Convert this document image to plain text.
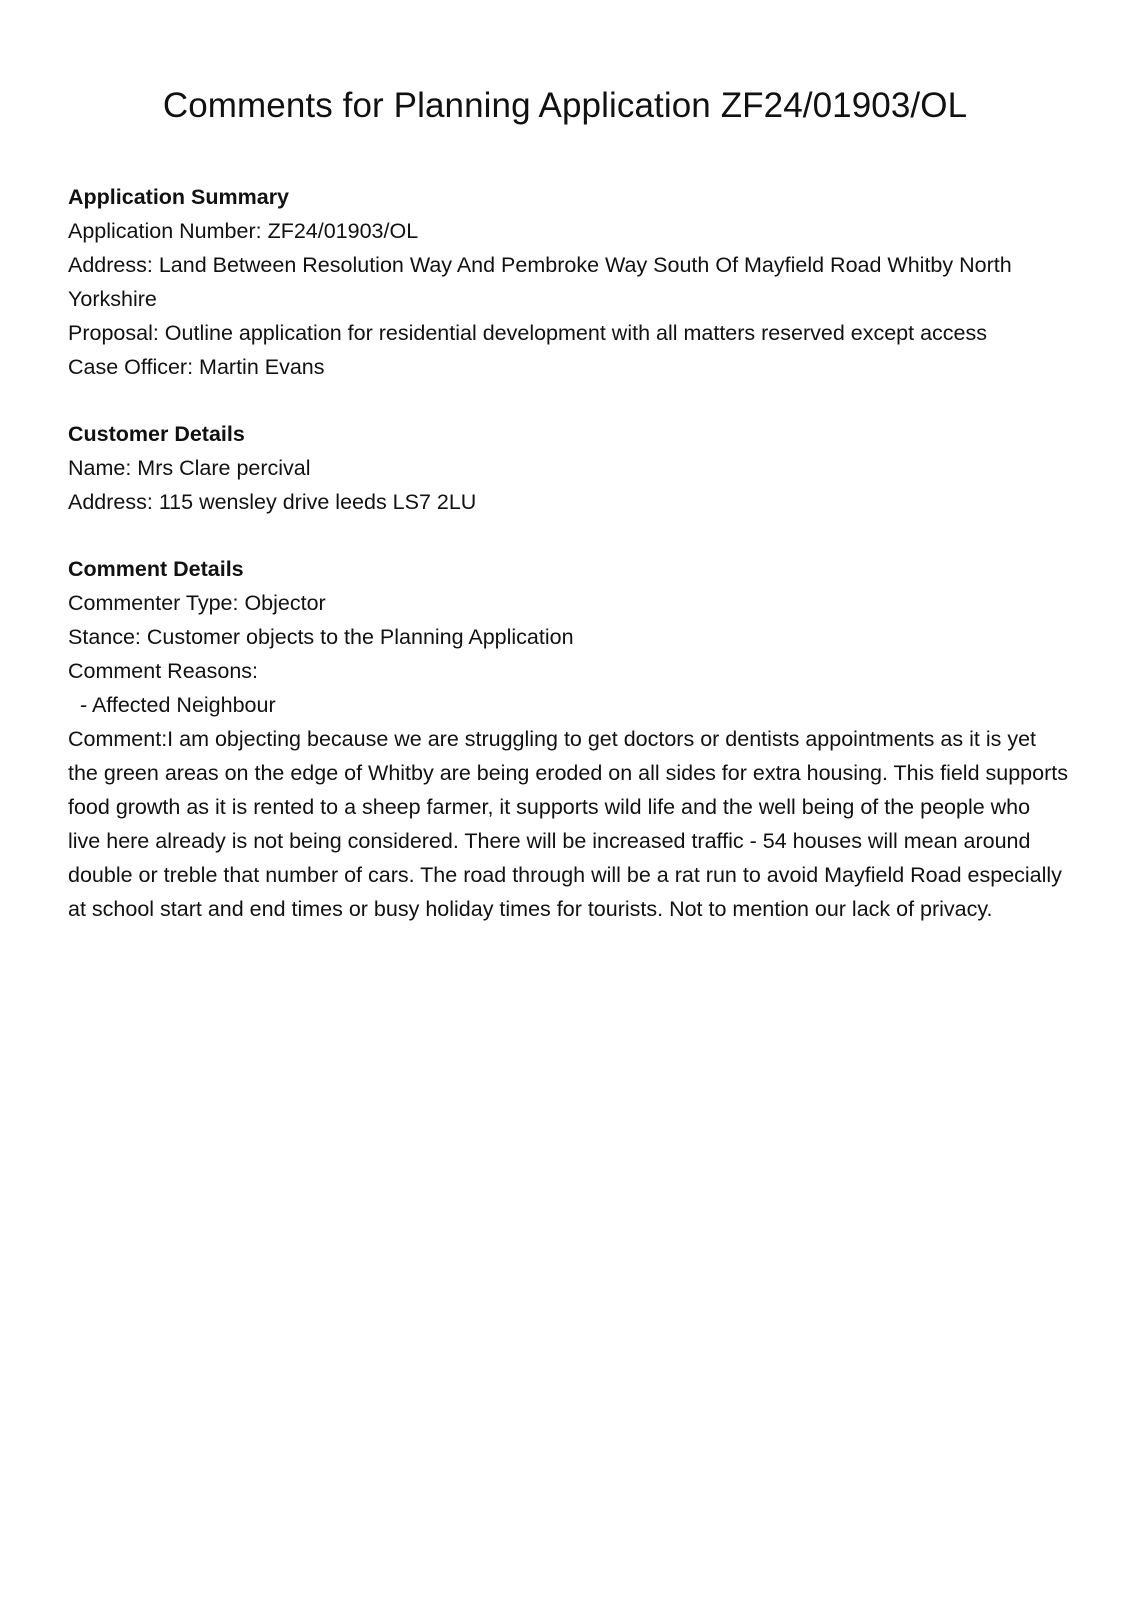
Comments for Planning Application ZF24/01903/OL

Application Summary

Application Number: ZF24/01903/OL

Address: Land Between Resolution Way And Pembroke Way South Of Mayfield Road Whitby North Yorkshire

Proposal: Outline application for residential development with all matters reserved except access

Case Officer: Martin Evans

Customer Details

Name: Mrs Clare percival

Address: 115 wensley drive leeds LS7 2LU

Comment Details

Commenter Type: Objector

Stance: Customer objects to the Planning Application

Comment Reasons:

- Affected Neighbour

Comment:I am objecting because we are struggling to get doctors or dentists appointments as it is yet the green areas on the edge of Whitby are being eroded on all sides for extra housing. This field supports food growth as it is rented to a sheep farmer, it supports wild life and the well being of the people who live here already is not being considered. There will be increased traffic - 54 houses will mean around double or treble that number of cars. The road through will be a rat run to avoid Mayfield Road especially at school start and end times or busy holiday times for tourists. Not to mention our lack of privacy.
